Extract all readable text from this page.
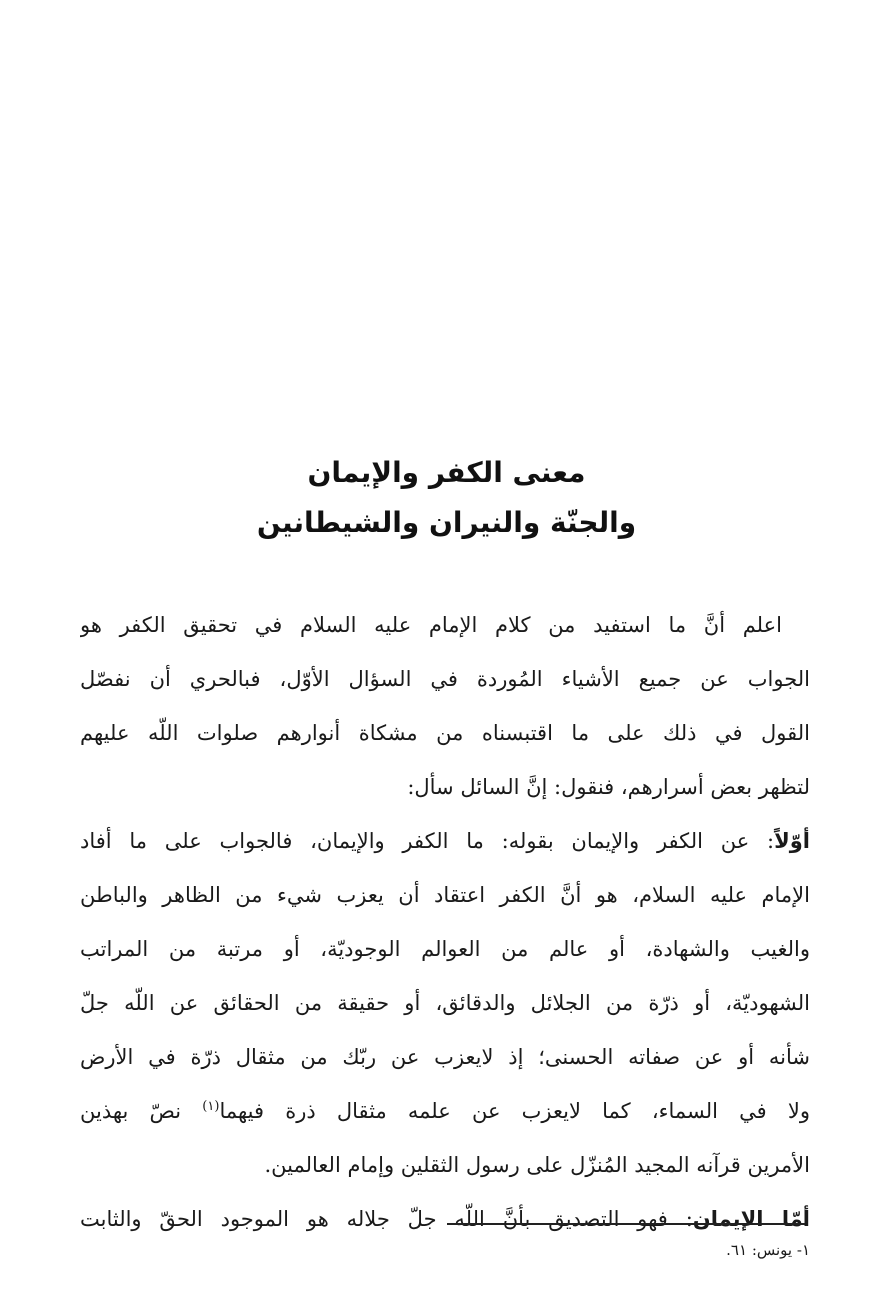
معنى الكفر والإيمان
والجنّة والنيران والشيطانين
اعلم أنَّ ما استفيد من كلام الإمام عليه السلام في تحقيق الكفر هو
الجواب عن جميع الأشياء المُوردة في السؤال الأوّل، فبالحري أن نفصّل
القول في ذلك على ما اقتبسناه من مشكاة أنوارهم صلوات اللّه عليهم
لتظهر بعض أسرارهم، فنقول: إنَّ السائل سأل:
أوّلاً: عن الكفر والإيمان بقوله: ما الكفر والإيمان، فالجواب على ما أفاد
الإمام عليه السلام، هو أنَّ الكفر اعتقاد أن يعزب شيء من الظاهر والباطن
والغيب والشهادة، أو عالم من العوالم الوجوديّة، أو مرتبة من المراتب
الشهوديّة، أو ذرّة من الجلائل والدقائق، أو حقيقة من الحقائق عن اللّه جلّ
شأنه أو عن صفاته الحسنى؛ إذ لايعزب عن ربّك من مثقال ذرّة في الأرض
ولا في السماء، كما لايعزب عن علمه مثقال ذرة فيهما$^{(١)}$ نصّ بهذين
الأمرين قرآنه المجيد المُنزّل على رسول الثقلين وإمام العالمين.
أمّا الإيمان: فهو التصديق بأنَّ اللّه جلّ جلاله هو الموجود الحقّ والثابت
١- يونس: ٦١.
